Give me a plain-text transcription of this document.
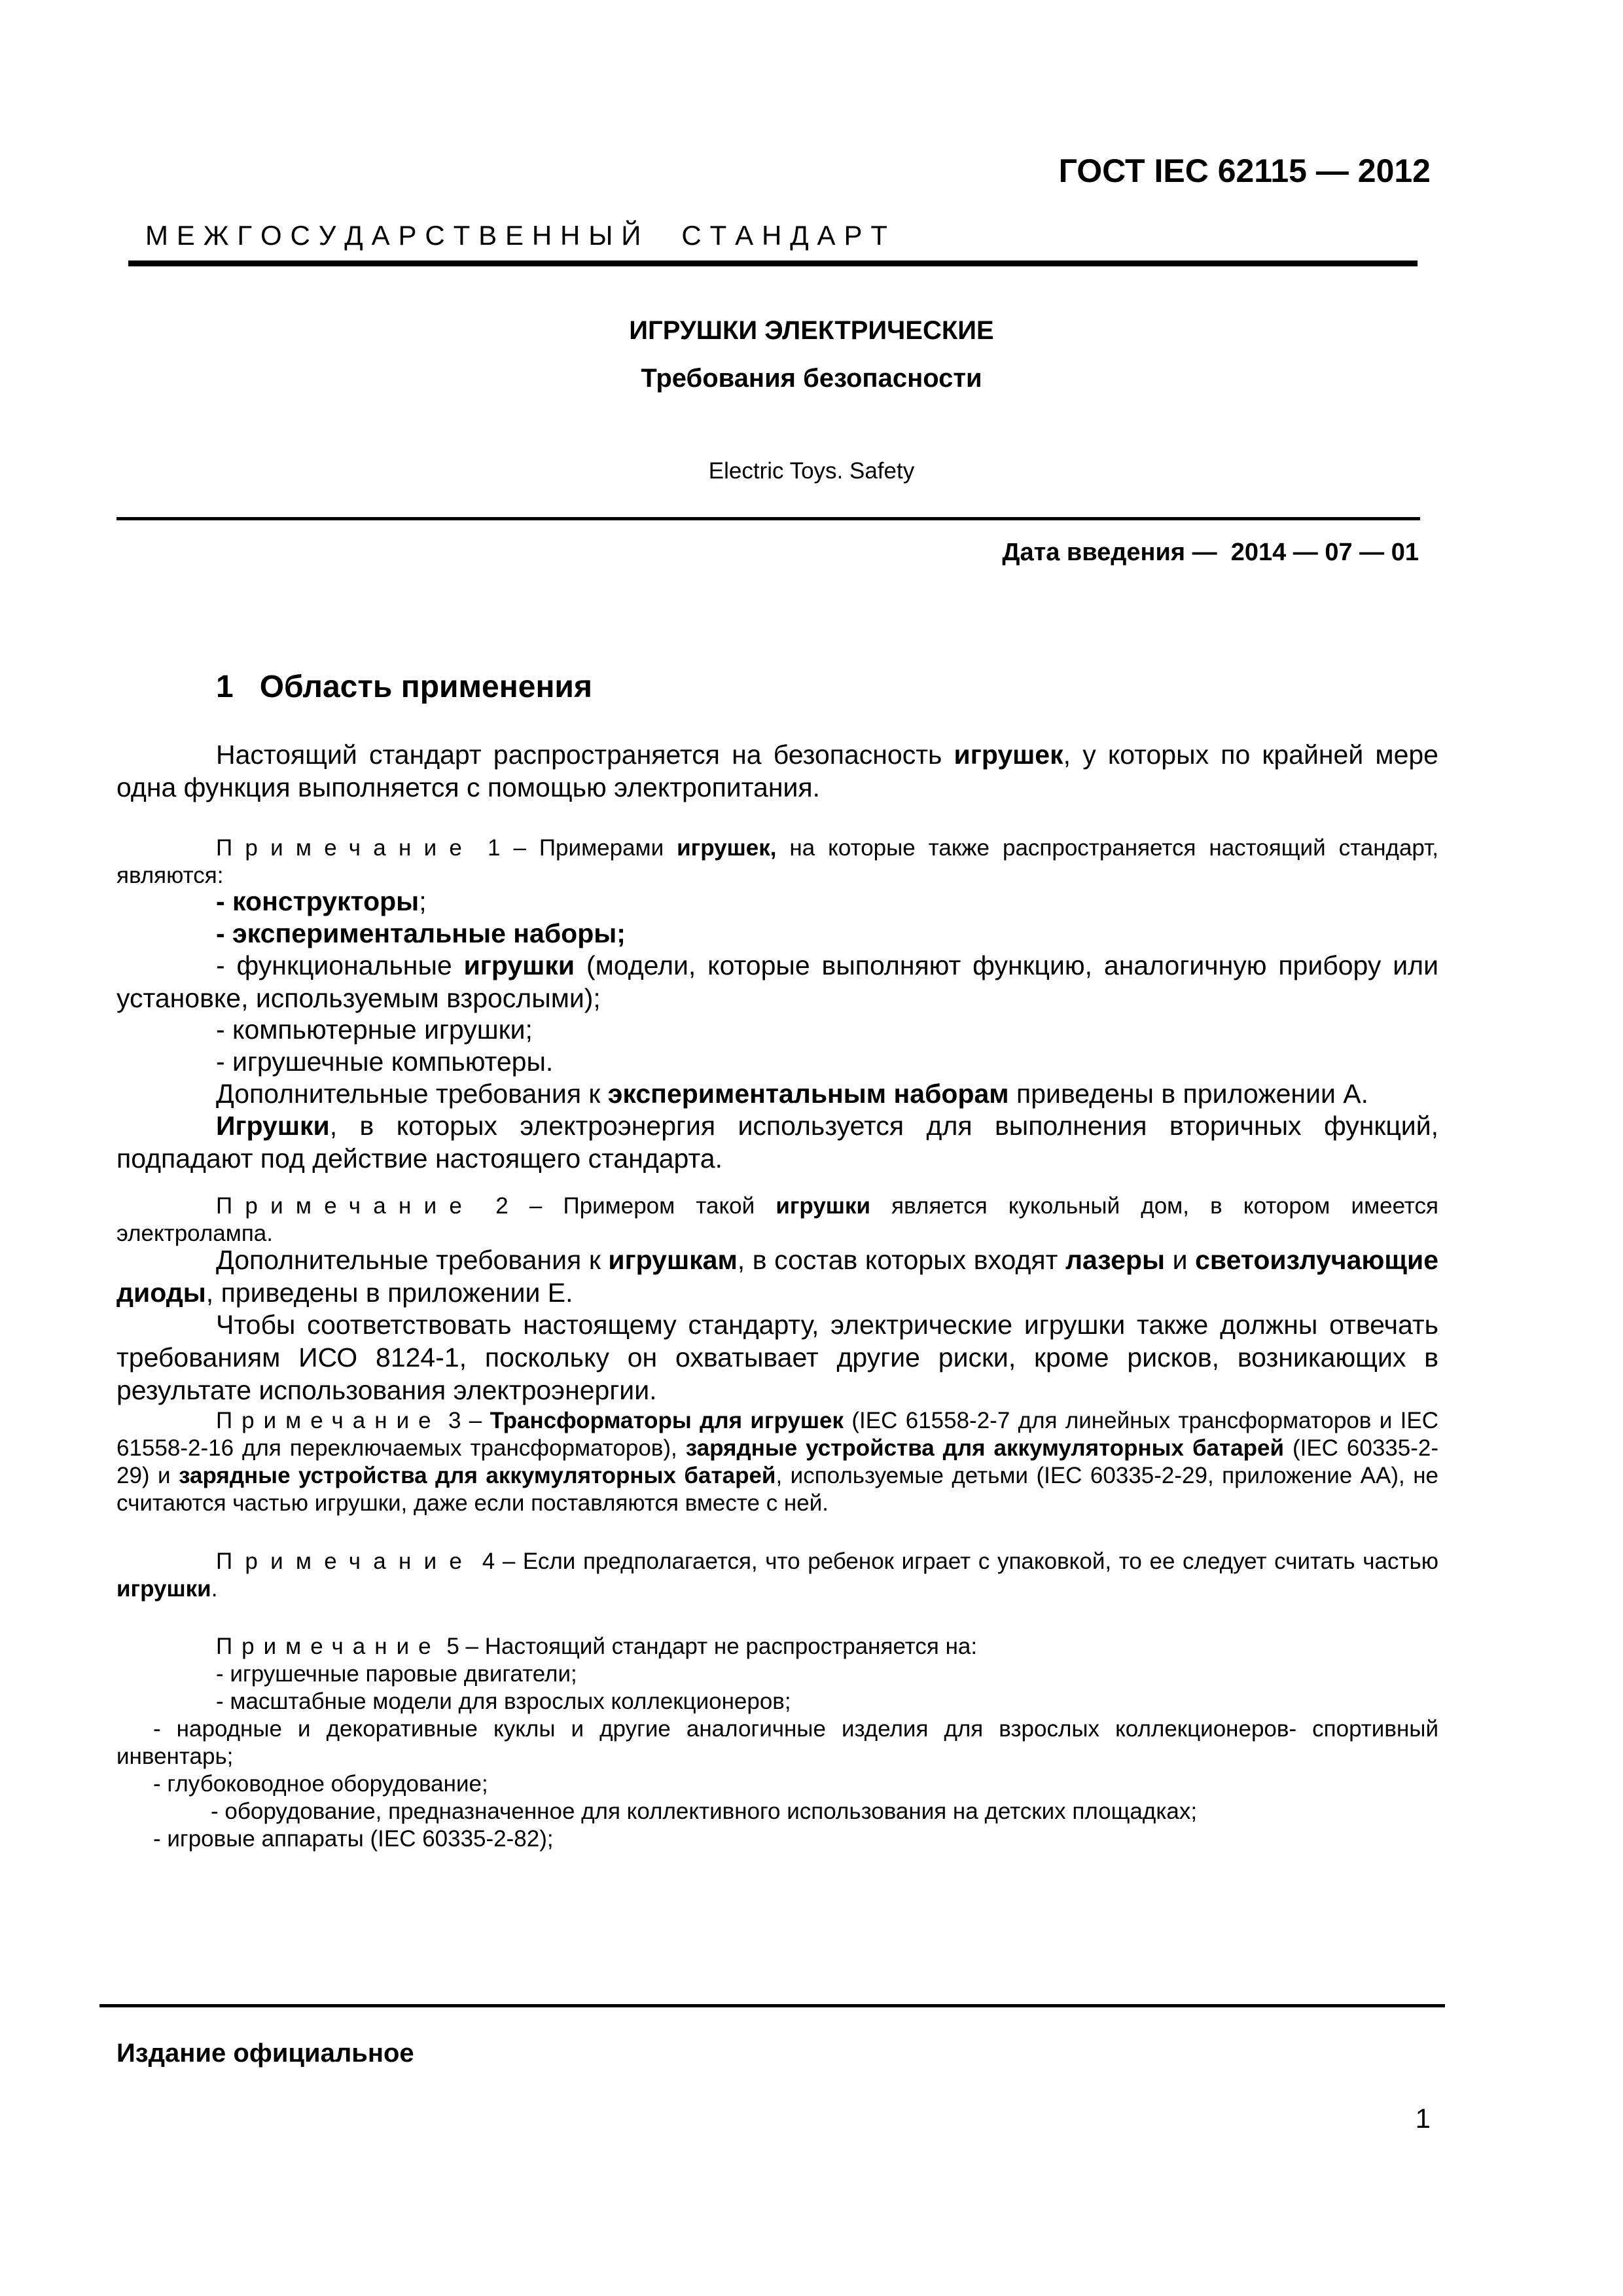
ГОСТ IEC 62115 — 2012
М Е Ж Г О С У Д А Р С Т В Е Н Н Ы Й     С Т А Н Д А Р Т
ИГРУШКИ ЭЛЕКТРИЧЕСКИЕ
Требования безопасности
Electric Toys. Safety
Дата введения —  2014 — 07 — 01
1   Область применения
Настоящий стандарт распространяется на безопасность игрушек, у которых по крайней мере одна функция выполняется с помощью электропитания.
Примечание 1 – Примерами игрушек, на которые также распространяется настоящий стандарт, являются:
- конструкторы;
- экспериментальные наборы;
- функциональные игрушки (модели, которые выполняют функцию, аналогичную прибору или установке, используемым взрослыми);
- компьютерные игрушки;
- игрушечные компьютеры.
Дополнительные требования к экспериментальным наборам приведены в приложении А.
Игрушки, в которых электроэнергия используется для выполнения вторичных функций, подпадают под действие настоящего стандарта.
Примечание 2 – Примером такой игрушки является кукольный дом, в котором имеется электролампа.
Дополнительные требования к игрушкам, в состав которых входят лазеры и светоизлучающие диоды, приведены в приложении Е.
Чтобы соответствовать настоящему стандарту, электрические игрушки также должны отвечать требованиям ИСО 8124-1, поскольку он охватывает другие риски, кроме рисков, возникающих в результате использования электроэнергии.
Примечание 3 – Трансформаторы для игрушек (IEC 61558-2-7 для линейных трансформаторов и IEC 61558-2-16 для переключаемых трансформаторов), зарядные устройства для аккумуляторных батарей (IEC 60335-2-29) и зарядные устройства для аккумуляторных батарей, используемые детьми (IEC 60335-2-29, приложение AA), не считаются частью игрушки, даже если поставляются вместе с ней.
Примечание 4 – Если предполагается, что ребенок играет с упаковкой, то ее следует считать частью игрушки.
Примечание 5 – Настоящий стандарт не распространяется на:
- игрушечные паровые двигатели;
- масштабные модели для взрослых коллекционеров;
- народные и декоративные куклы и другие аналогичные изделия для взрослых коллекционеров- спортивный
инвентарь;
- глубоководное оборудование;
- оборудование, предназначенное для коллективного использования на детских площадках;
- игровые аппараты (IEC 60335-2-82);
Издание официальное
1
